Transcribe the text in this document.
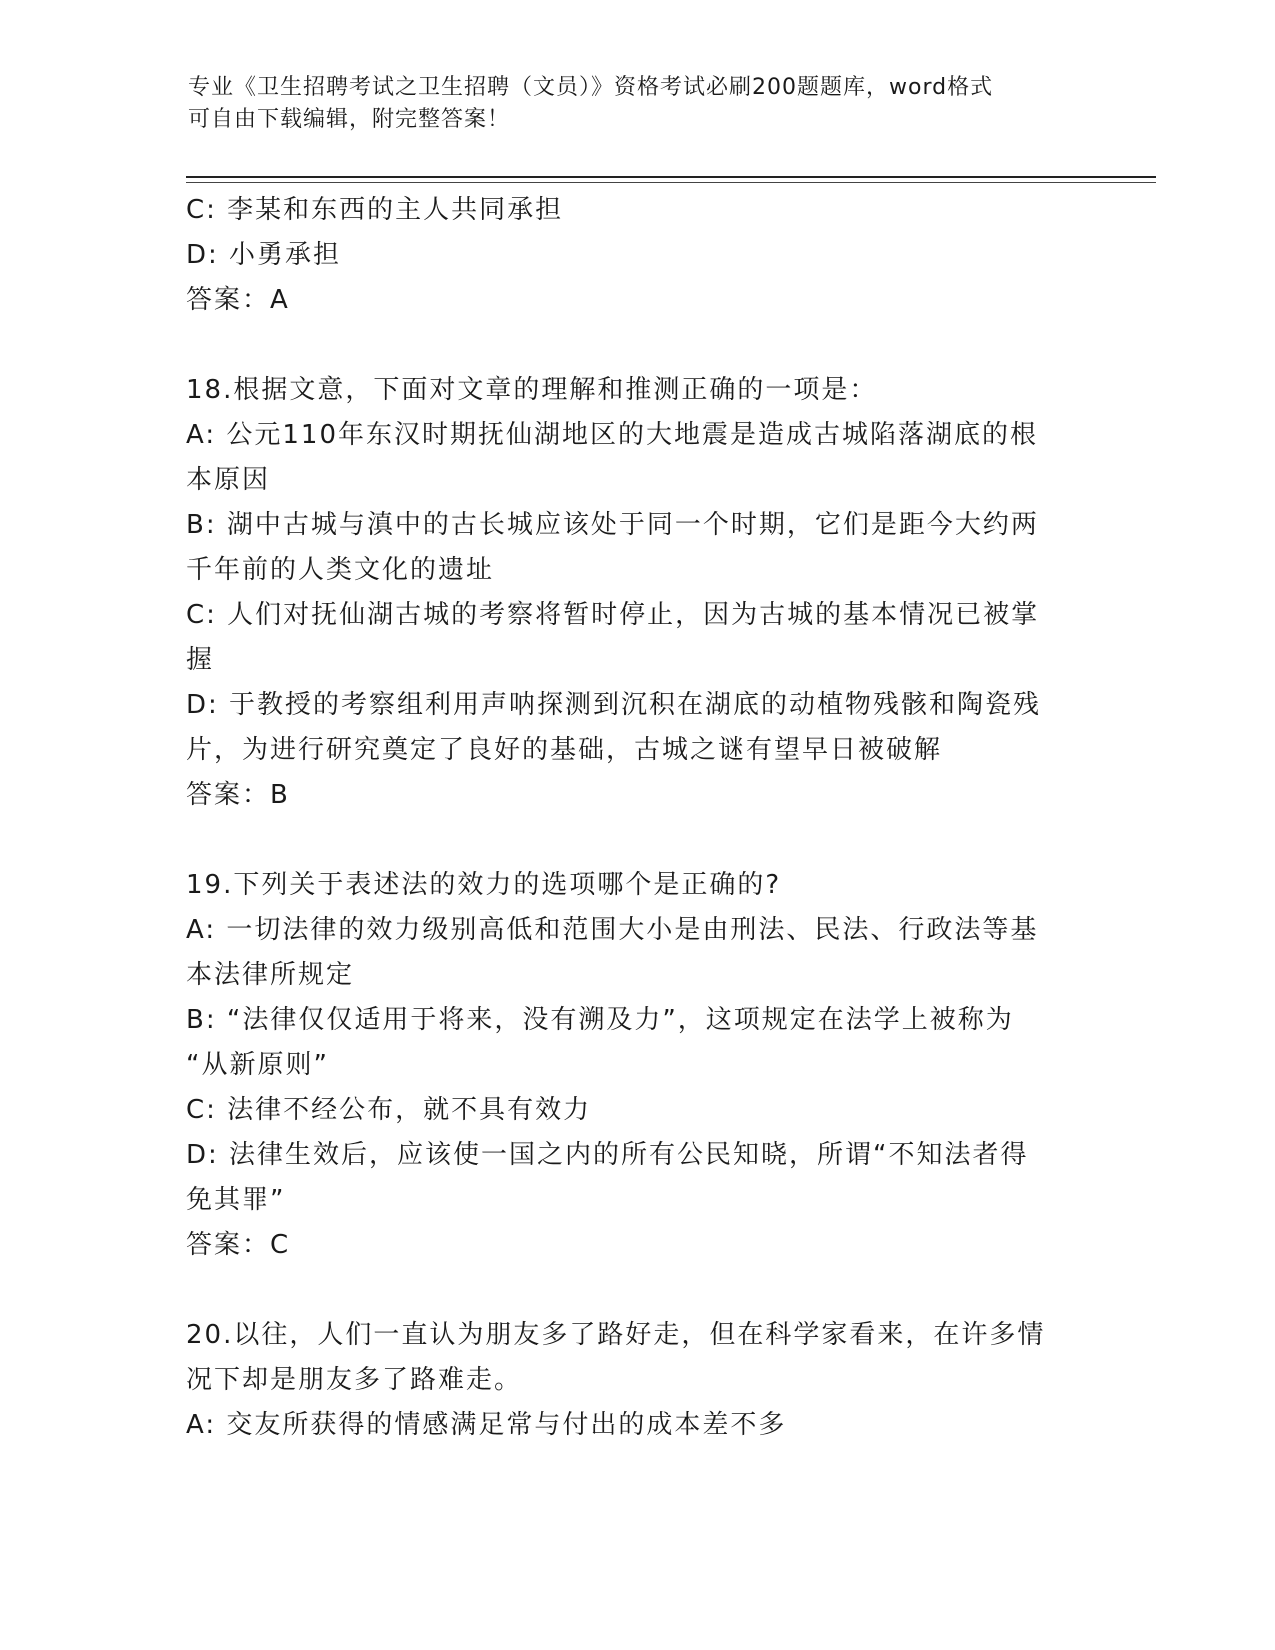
专业《卫生招聘考试之卫生招聘（文员）》资格考试必刷200题题库，word格式
可自由下载编辑，附完整答案！
C: 李某和东西的主人共同承担
D: 小勇承担
答案：A
18.根据文意，下面对文章的理解和推测正确的一项是：
A: 公元110年东汉时期抚仙湖地区的大地震是造成古城陷落湖底的根
本原因
B: 湖中古城与滇中的古长城应该处于同一个时期，它们是距今大约两
千年前的人类文化的遗址
C: 人们对抚仙湖古城的考察将暂时停止，因为古城的基本情况已被掌
握
D: 于教授的考察组利用声呐探测到沉积在湖底的动植物残骸和陶瓷残
片，为进行研究奠定了良好的基础，古城之谜有望早日被破解
答案：B
19.下列关于表述法的效力的选项哪个是正确的?
A: 一切法律的效力级别高低和范围大小是由刑法、民法、行政法等基
本法律所规定
B: “法律仅仅适用于将来，没有溯及力”，这项规定在法学上被称为
“从新原则”
C: 法律不经公布，就不具有效力
D: 法律生效后，应该使一国之内的所有公民知晓，所谓“不知法者得
免其罪”
答案：C
20.以往，人们一直认为朋友多了路好走，但在科学家看来，在许多情
况下却是朋友多了路难走。
A: 交友所获得的情感满足常与付出的成本差不多
